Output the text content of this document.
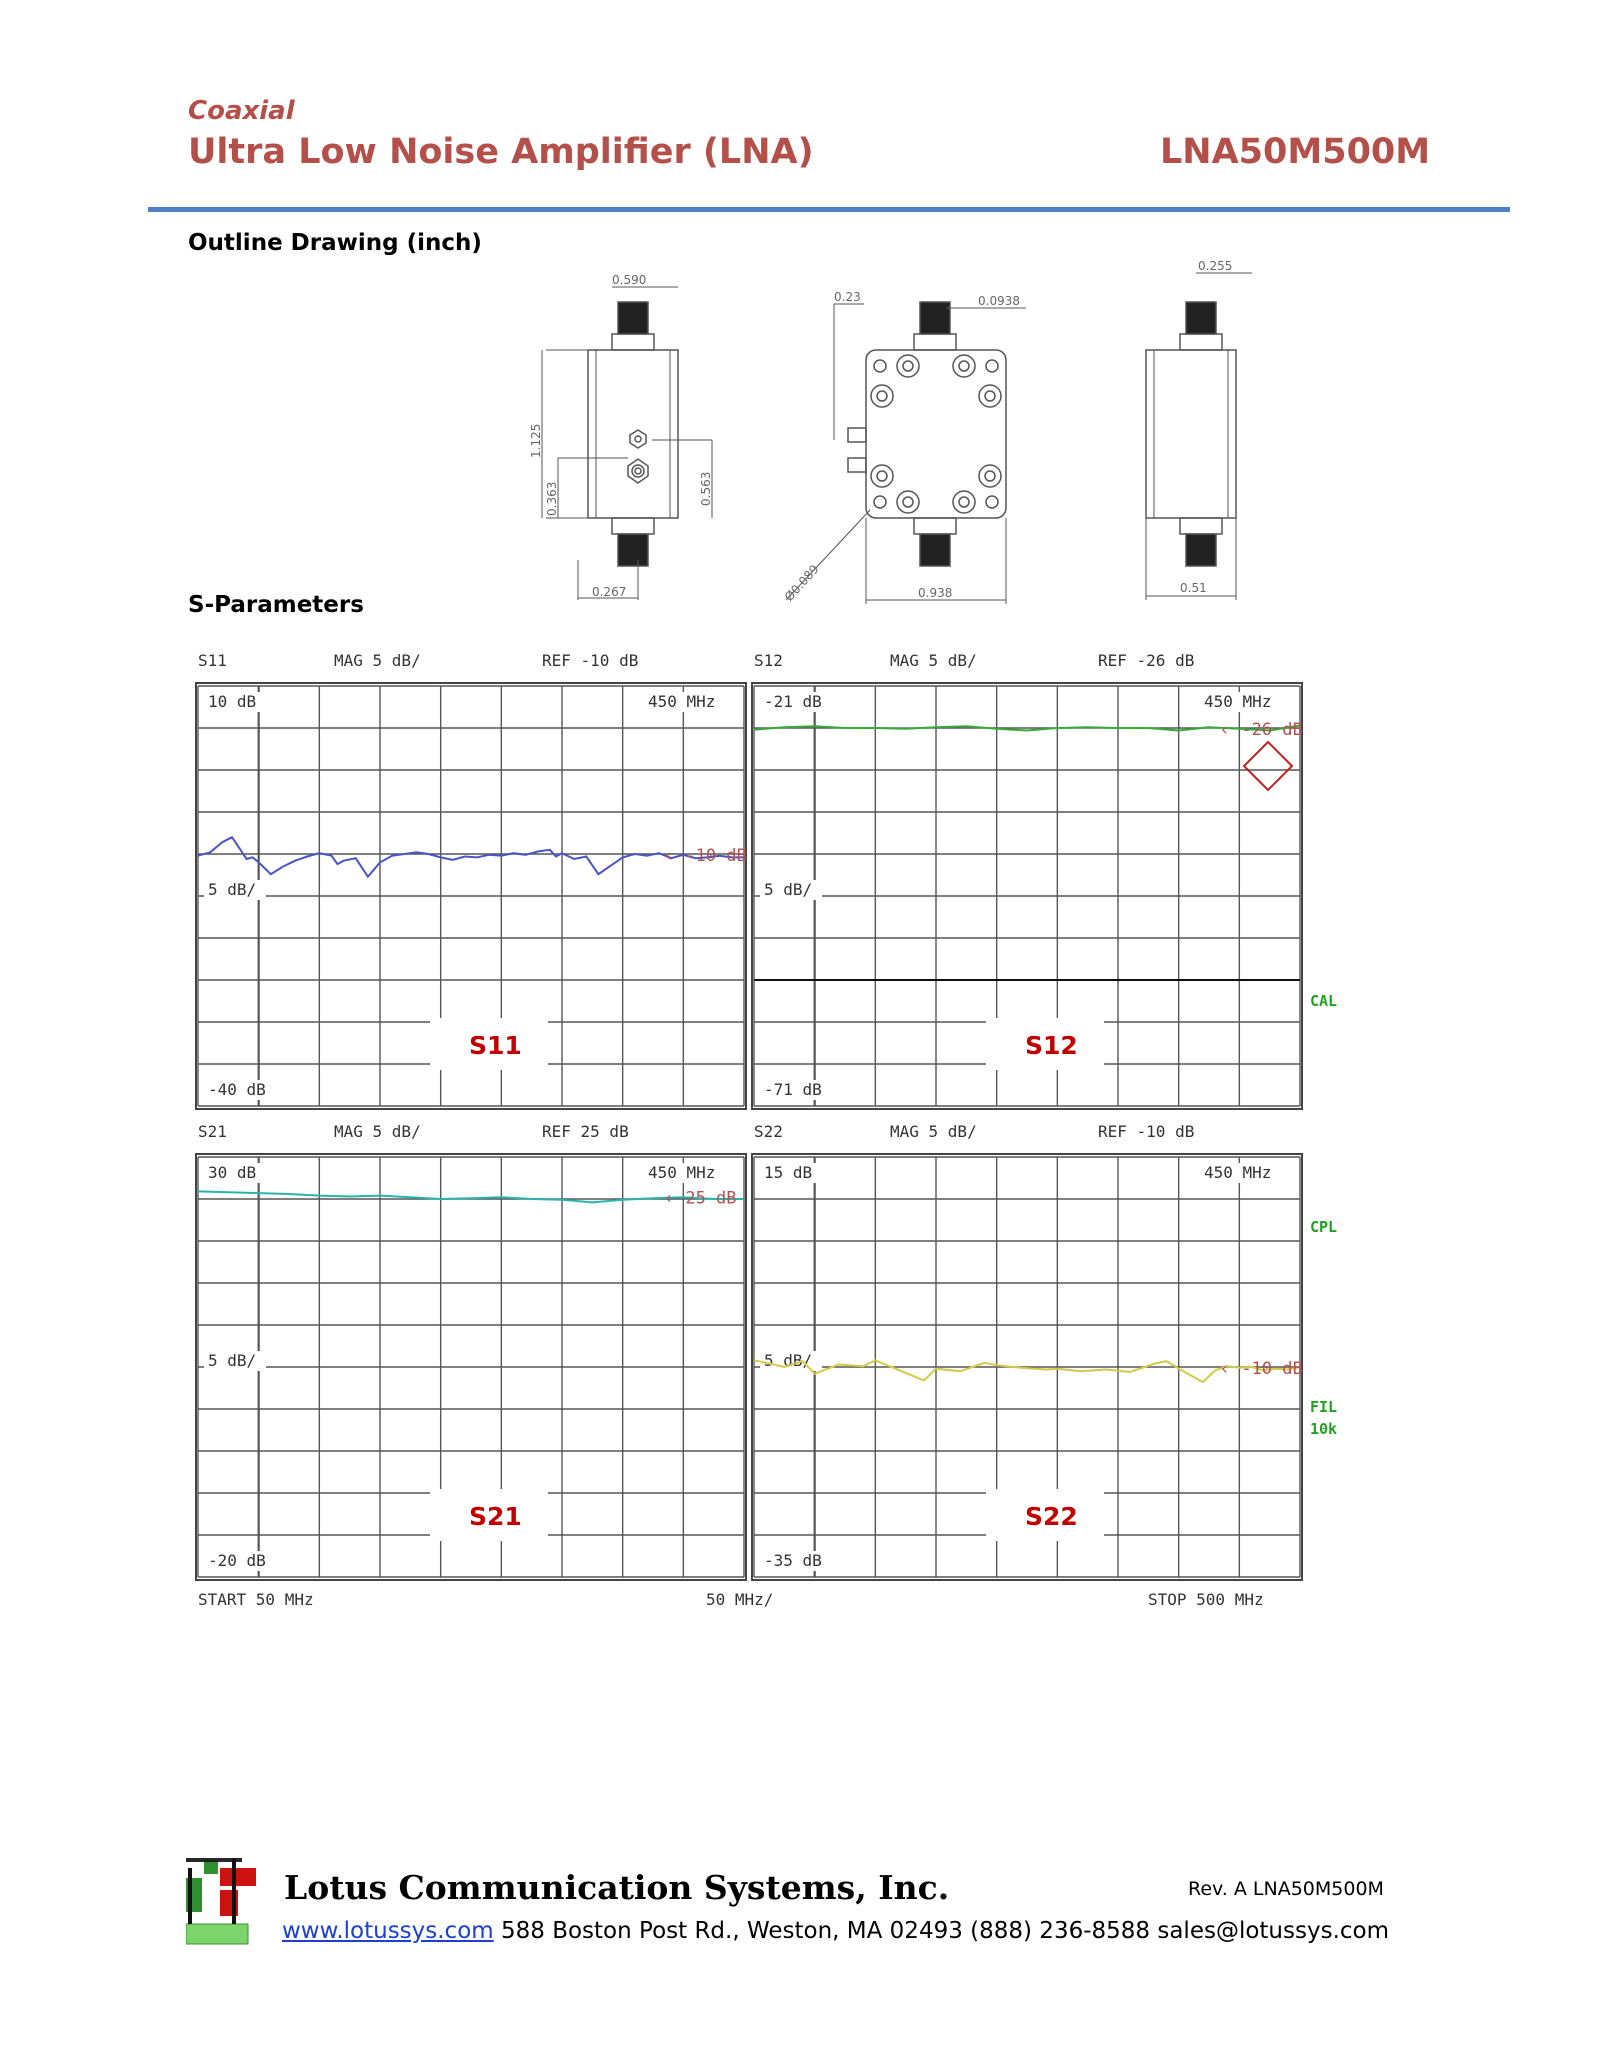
Coaxial

Ultra Low Noise Amplifier (LNA)	LNA50M500M

Outline Drawing (inch)

S-Parameters

0.590
1.125
0.363	0.563
0.267
0.23	0.0938
Ø0.089	0.938
0.255
0.51
S11	MAG 5 dB/	REF -10 dB
10 dB	450 MHz
-40 dB
5 dB/
‹ -10 dB
S11
S12	MAG 5 dB/	REF -26 dB
-21 dB	450 MHz
-71 dB
5 dB/
‹ -26 dB
S12
S21	MAG 5 dB/	REF 25 dB
30 dB	450 MHz
-20 dB
5 dB/
‹ 25 dB
S21
S22	MAG 5 dB/	REF -10 dB
15 dB	450 MHz
-35 dB
5 dB/	‹ -10 dB
S22
START 50 MHz	50 MHz/	STOP 500 MHz
CAL
CPL
FIL
10k

Lotus Communication Systems, Inc.	Rev. A LNA50M500M
www.lotussys.com 588 Boston Post Rd., Weston, MA 02493 (888) 236-8588 sales@lotussys.com
